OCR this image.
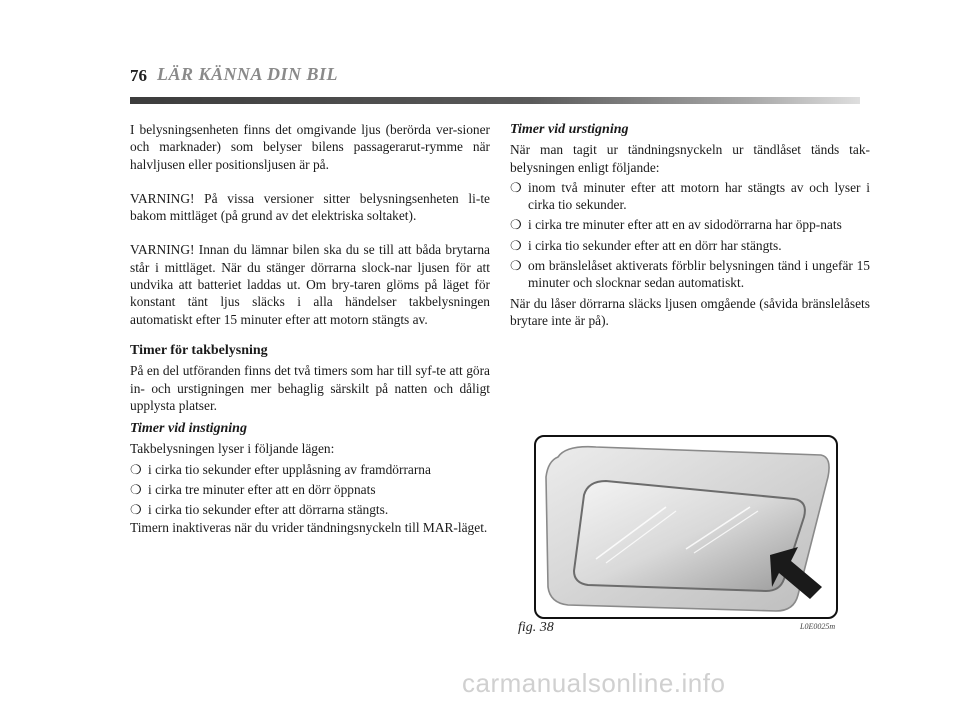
76 LÄR KÄNNA DIN BIL

I belysningsenheten finns det omgivande ljus (berörda ver-sioner och marknader) som belyser bilens passagerarut-rymme när halvljusen eller positionsljusen är på.

VARNING! På vissa versioner sitter belysningsenheten li-te bakom mittläget (på grund av det elektriska soltaket).

VARNING! Innan du lämnar bilen ska du se till att båda brytarna står i mittläget. När du stänger dörrarna slock-nar ljusen för att undvika att batteriet laddas ut. Om bry-taren glöms på läget för konstant tänt ljus släcks i alla händelser takbelysningen automatiskt efter 15 minuter efter att motorn stängts av.

Timer för takbelysning

På en del utföranden finns det två timers som har till syf-te att göra in- och urstigningen mer behaglig särskilt på natten och dåligt upplysta platser.

Timer vid instigning

Takbelysningen lyser i följande lägen:

❍ i cirka tio sekunder efter upplåsning av framdörrarna
❍ i cirka tre minuter efter att en dörr öppnats
❍ i cirka tio sekunder efter att dörrarna stängts.

Timern inaktiveras när du vrider tändningsnyckeln till MAR-läget.

Timer vid urstigning

När man tagit ur tändningsnyckeln ur tändlåset tänds tak-belysningen enligt följande:

❍ inom två minuter efter att motorn har stängts av och lyser i cirka tio sekunder.
❍ i cirka tre minuter efter att en av sidodörrarna har öpp-nats
❍ i cirka tio sekunder efter att en dörr har stängts.
❍ om bränslelåset aktiverats förblir belysningen tänd i ungefär 15 minuter och slocknar sedan automatiskt.

När du låser dörrarna släcks ljusen omgående (såvida bränslelåsets brytare inte är på).

fig. 38	L0E0025m
carmanualsonline.info
